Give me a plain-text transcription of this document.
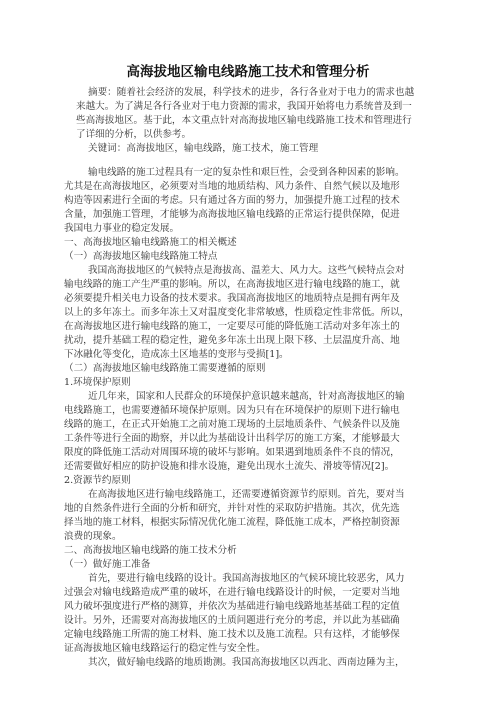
高海拔地区输电线路施工技术和管理分析
摘要：随着社会经济的发展，科学技术的进步，各行各业对于电力的需求也越
来越大。为了满足各行各业对于电力资源的需求，我国开始将电力系统普及到一
些高海拔地区。基于此，本文重点针对高海拔地区输电线路施工技术和管理进行
了详细的分析，以供参考。
关键词：高海拔地区，输电线路，施工技术，施工管理
输电线路的施工过程具有一定的复杂性和艰巨性，会受到各种因素的影响。
尤其是在高海拔地区，必须要对当地的地质结构、风力条件、自然气候以及地形
构造等因素进行全面的考虑。只有通过各方面的努力，加强提升施工过程的技术
含量，加强施工管理，才能够为高海拔地区输电线路的正常运行提供保障，促进
我国电力事业的稳定发展。
一、高海拔地区输电线路施工的相关概述
（一）高海拔地区输电线路施工特点
我国高海拔地区的气候特点是海拔高、温差大、风力大。这些气候特点会对
输电线路的施工产生严重的影响。所以，在高海拔地区进行输电线路的施工，就
必须要提升相关电力设备的技术要求。我国高海拔地区的地质特点是拥有两年及
以上的多年冻土。而多年冻土又对温度变化非常敏感，性质稳定性非常低。所以，
在高海拔地区进行输电线路的施工，一定要尽可能的降低施工活动对多年冻土的
扰动，提升基础工程的稳定性，避免多年冻土出现上限下移、土层温度升高、地
下冰融化等变化，造成冻土区地基的变形与受损[1]。
（二）高海拔地区输电线路施工需要遵循的原则
1.环境保护原则
近几年来，国家和人民群众的环境保护意识越来越高，针对高海拔地区的输
电线路施工，也需要遵循环境保护原则。因为只有在环境保护的原则下进行输电
线路的施工，在正式开始施工之前对施工现场的土层地质条件、气候条件以及施
工条件等进行全面的勘察，并以此为基础设计出科学厉的施工方案，才能够最大
限度的降低施工活动对周围环境的破坏与影响。如果遇到地质条件不良的情况，
还需要做好相应的防护设施和排水设施，避免出现水土流失、滑坡等情况[2]。
2.资源节约原则
在高海拔地区进行输电线路施工，还需要遵循资源节约原则。首先，要对当
地的自然条件进行全面的分析和研究，并针对性的采取防护措施。其次，优先选
择当地的施工材料，根据实际情况优化施工流程，降低施工成本，严格控制资源
浪费的现象。
二、高海拔地区输电线路的施工技术分析
（一）做好施工准备
首先，要进行输电线路的设计。我国高海拔地区的气候环境比较恶劣，风力
过强会对输电线路造成严重的破坏，在进行输电线路设计的时候，一定要对当地
风力破坏强度进行严格的测算，并依次为基础进行输电线路地基基础工程的定值
设计。另外，还需要对高海拔地区的土质问题进行充分的考虑，并以此为基础确
定输电线路施工所需的施工材料、施工技术以及施工流程。只有这样，才能够保
证高海拔地区输电线路运行的稳定性与安全性。
其次，做好输电线路的地质勘测。我国高海拔地区以西北、西南边陲为主，
